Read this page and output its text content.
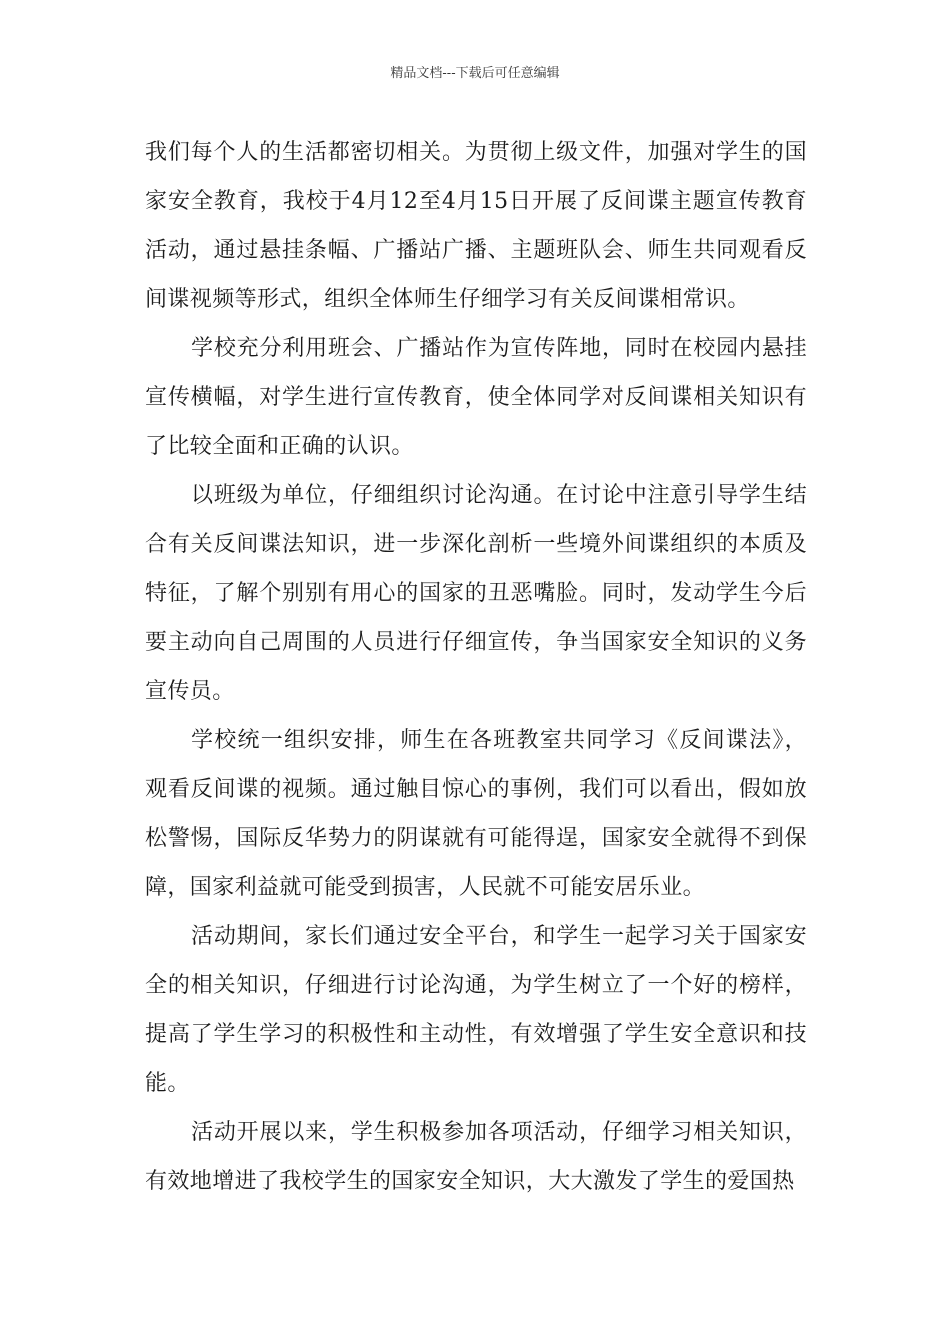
精品文档---下载后可任意编辑

我们每个人的生活都密切相关。为贯彻上级文件，加强对学生的国家安全教育，我校于4月12至4月15日开展了反间谍主题宣传教育活动，通过悬挂条幅、广播站广播、主题班队会、师生共同观看反间谍视频等形式，组织全体师生仔细学习有关反间谍相常识。

学校充分利用班会、广播站作为宣传阵地，同时在校园内悬挂宣传横幅，对学生进行宣传教育，使全体同学对反间谍相关知识有了比较全面和正确的认识。

以班级为单位，仔细组织讨论沟通。在讨论中注意引导学生结合有关反间谍法知识，进一步深化剖析一些境外间谍组织的本质及特征，了解个别别有用心的国家的丑恶嘴脸。同时，发动学生今后要主动向自己周围的人员进行仔细宣传，争当国家安全知识的义务宣传员。

学校统一组织安排，师生在各班教室共同学习《反间谍法》，观看反间谍的视频。通过触目惊心的事例，我们可以看出，假如放松警惕，国际反华势力的阴谋就有可能得逞，国家安全就得不到保障，国家利益就可能受到损害，人民就不可能安居乐业。

活动期间，家长们通过安全平台，和学生一起学习关于国家安全的相关知识，仔细进行讨论沟通，为学生树立了一个好的榜样，提高了学生学习的积极性和主动性，有效增强了学生安全意识和技能。

活动开展以来，学生积极参加各项活动，仔细学习相关知识，有效地增进了我校学生的国家安全知识，大大激发了学生的爱国热
